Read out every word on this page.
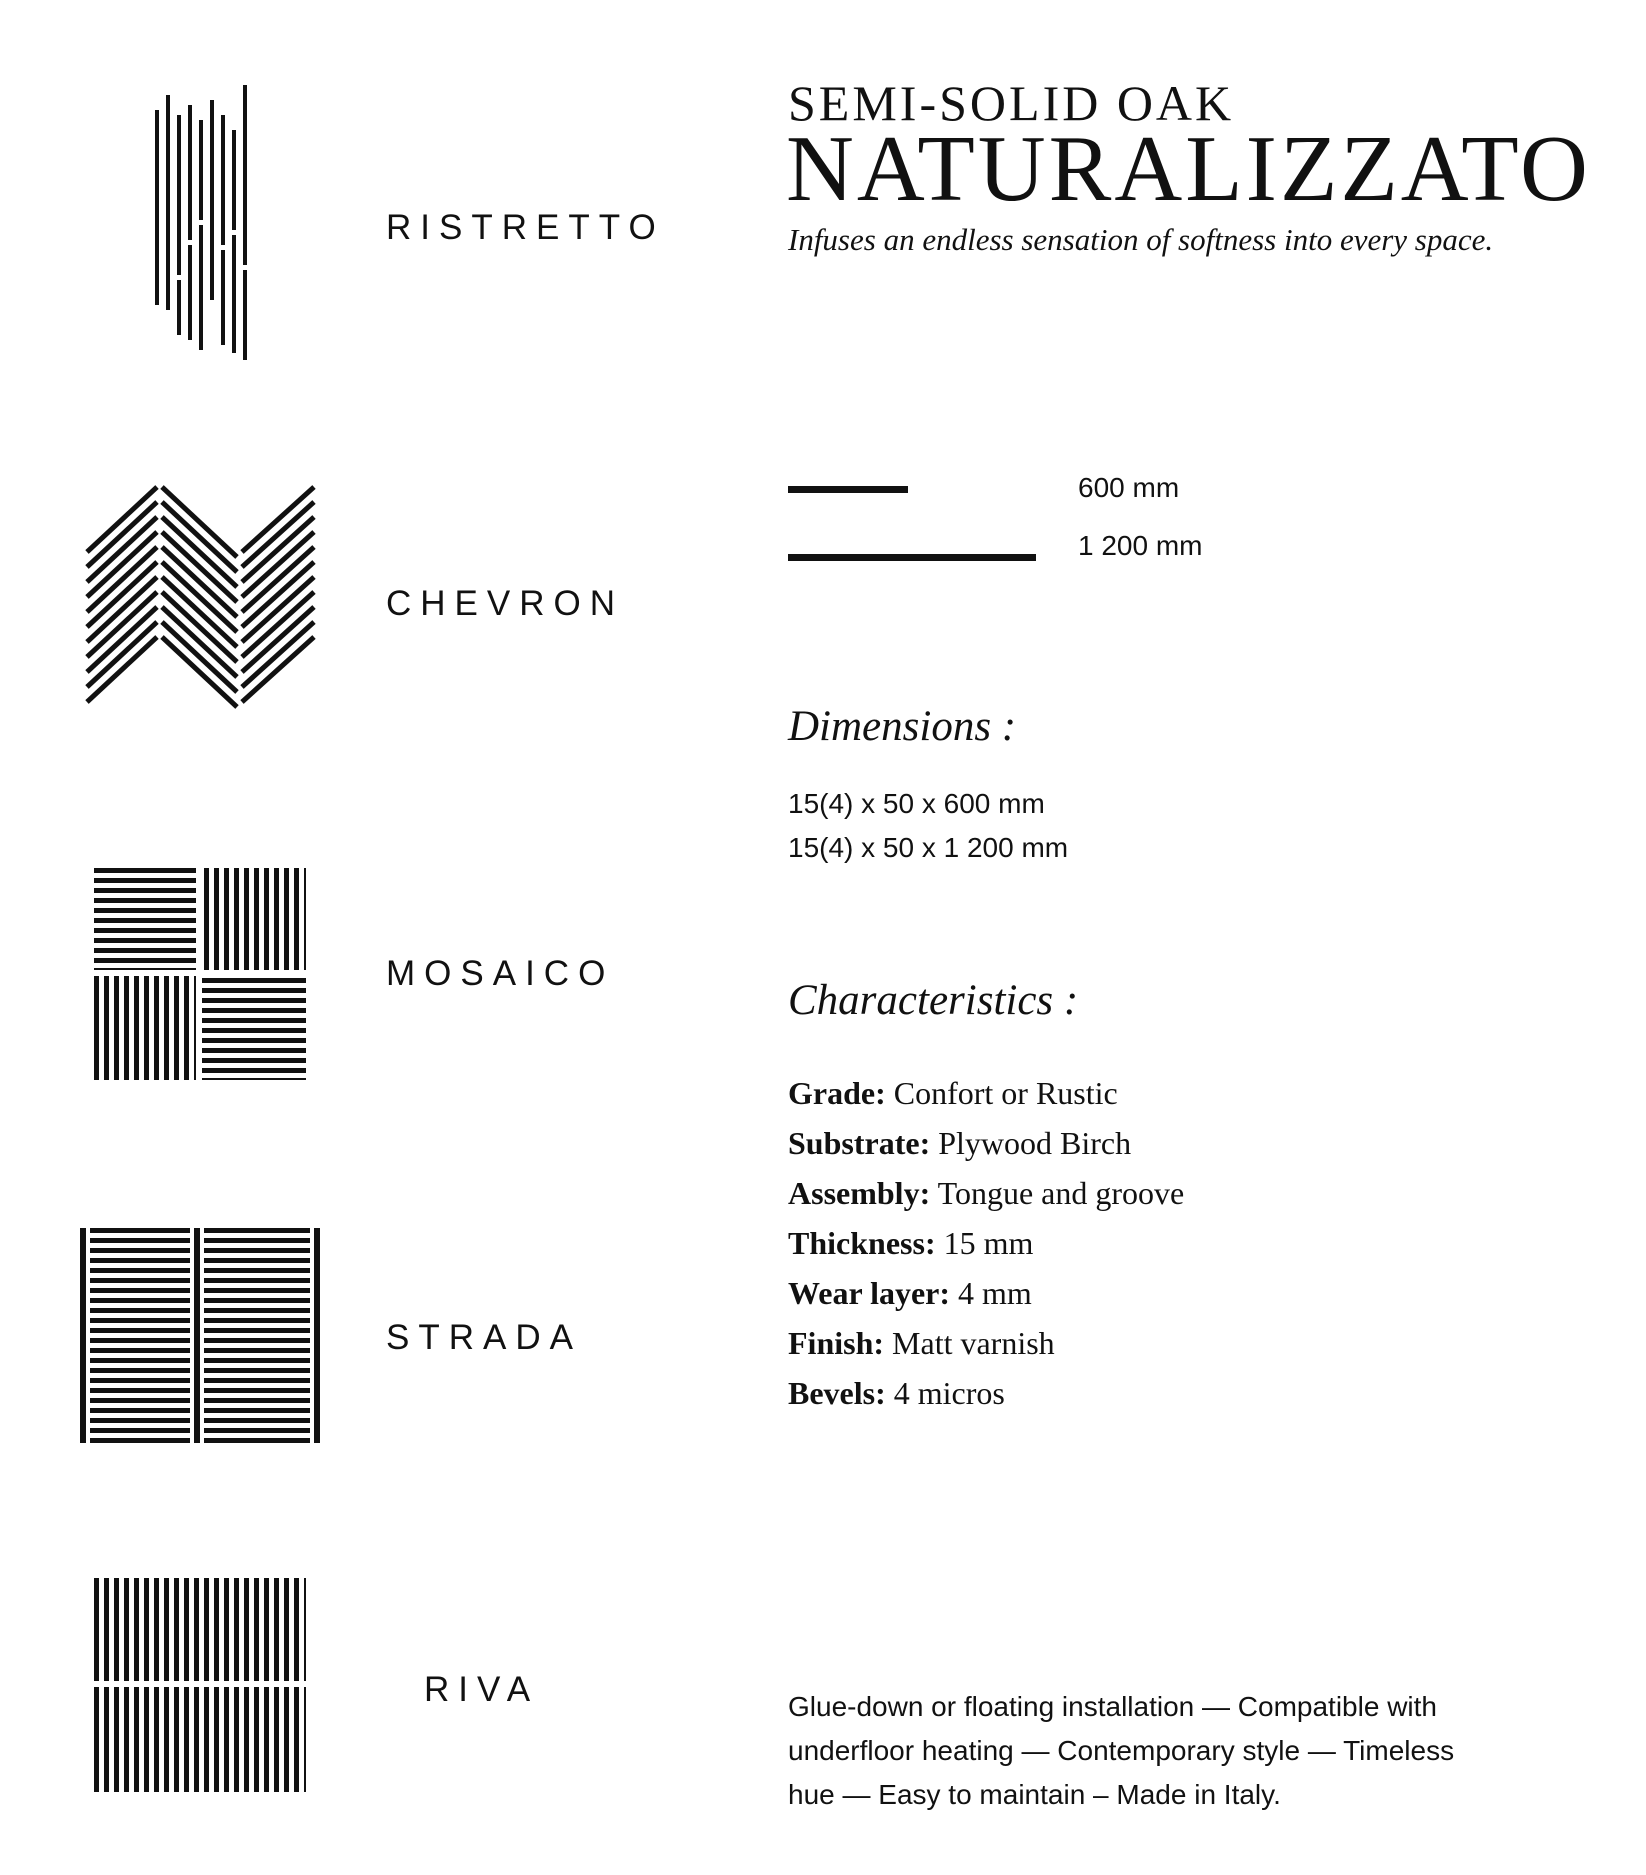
RISTRETTO
CHEVRON
MOSAICO
STRADA
RIVA
SEMI-SOLID OAK
NATURALIZZATO
Infuses an endless sensation of softness into every space.
600 mm
1 200 mm
Dimensions :
15(4) x 50 x 600 mm
15(4) x 50 x 1 200 mm
Characteristics :
Grade: Confort or Rustic
Substrate: Plywood Birch
Assembly: Tongue and groove
Thickness: 15 mm
Wear layer: 4 mm
Finish: Matt varnish
Bevels: 4 micros
Glue-down or floating installation — Compatible with underfloor heating — Contemporary style — Timeless hue — Easy to maintain – Made in Italy.
